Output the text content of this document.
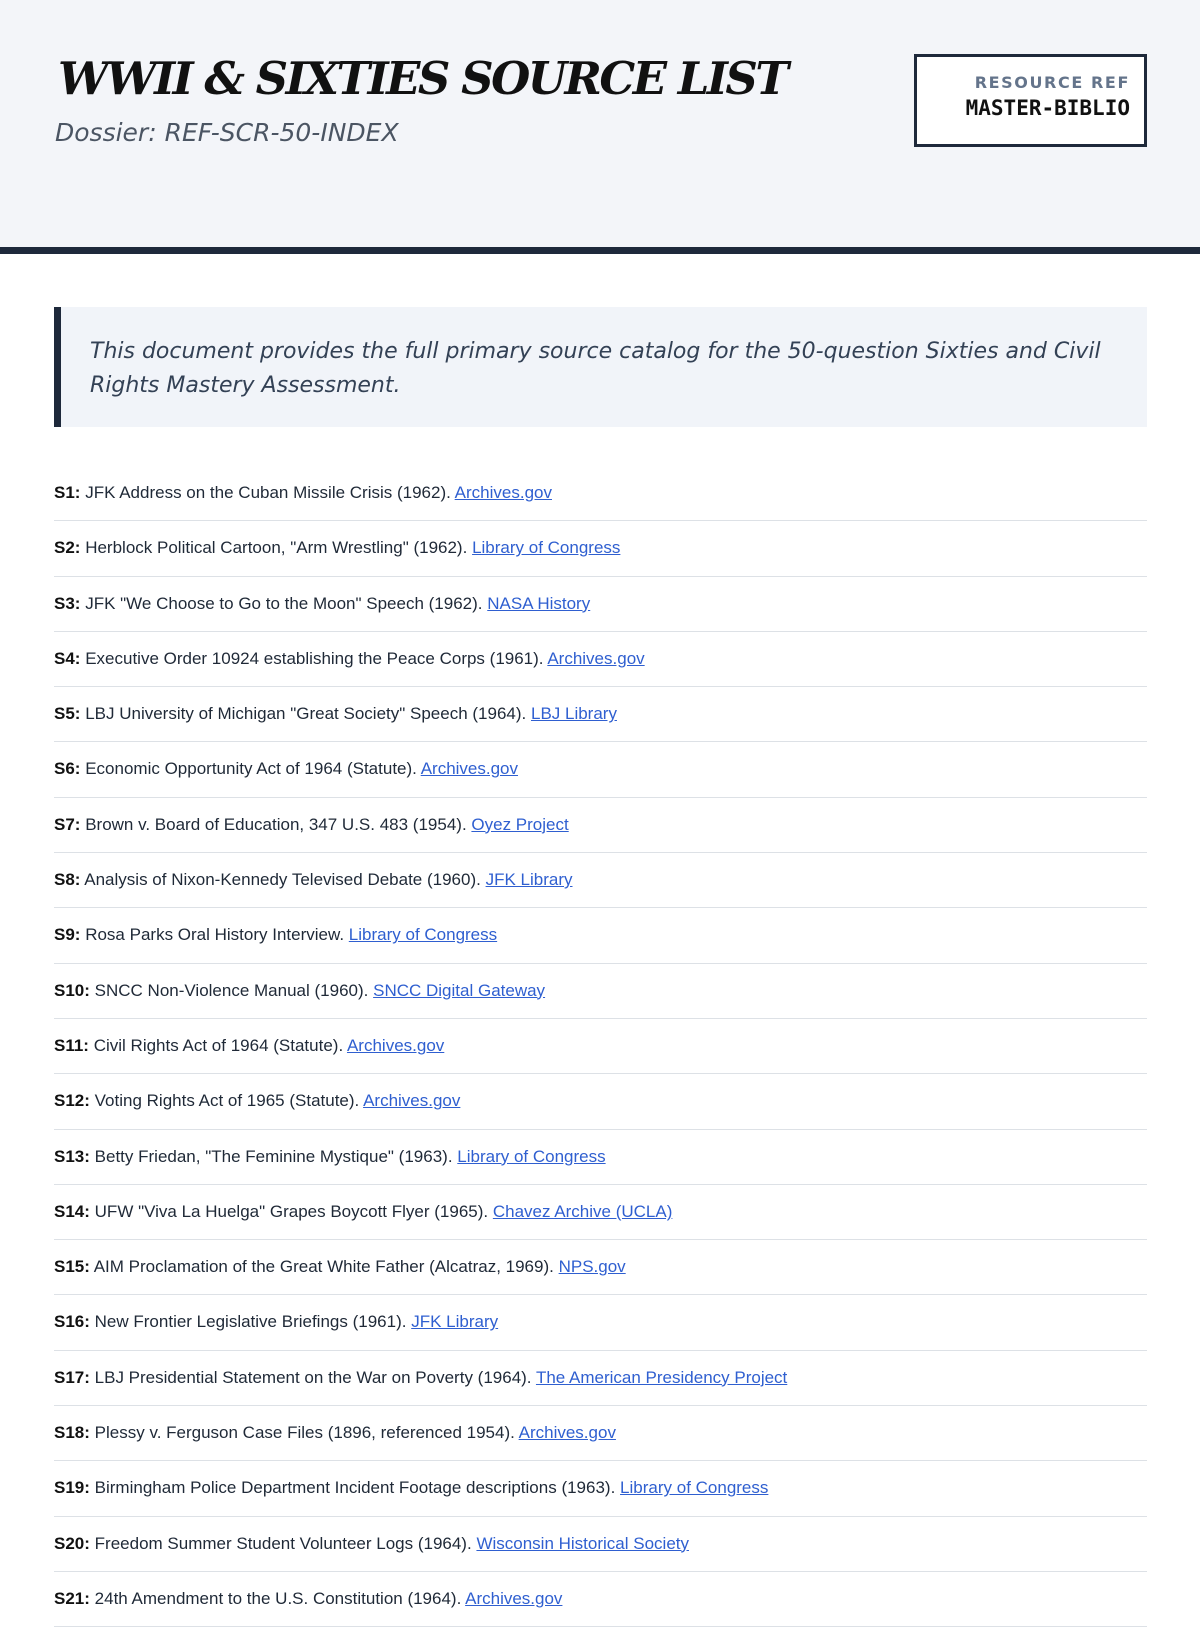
WWII & SIXTIES SOURCE LIST
Dossier: REF-SCR-50-INDEX
RESOURCE REF
MASTER-BIBLIO
This document provides the full primary source catalog for the 50-question Sixties and Civil Rights Mastery Assessment.
S1: JFK Address on the Cuban Missile Crisis (1962). Archives.gov
S2: Herblock Political Cartoon, "Arm Wrestling" (1962). Library of Congress
S3: JFK "We Choose to Go to the Moon" Speech (1962). NASA History
S4: Executive Order 10924 establishing the Peace Corps (1961). Archives.gov
S5: LBJ University of Michigan "Great Society" Speech (1964). LBJ Library
S6: Economic Opportunity Act of 1964 (Statute). Archives.gov
S7: Brown v. Board of Education, 347 U.S. 483 (1954). Oyez Project
S8: Analysis of Nixon-Kennedy Televised Debate (1960). JFK Library
S9: Rosa Parks Oral History Interview. Library of Congress
S10: SNCC Non-Violence Manual (1960). SNCC Digital Gateway
S11: Civil Rights Act of 1964 (Statute). Archives.gov
S12: Voting Rights Act of 1965 (Statute). Archives.gov
S13: Betty Friedan, "The Feminine Mystique" (1963). Library of Congress
S14: UFW "Viva La Huelga" Grapes Boycott Flyer (1965). Chavez Archive (UCLA)
S15: AIM Proclamation of the Great White Father (Alcatraz, 1969). NPS.gov
S16: New Frontier Legislative Briefings (1961). JFK Library
S17: LBJ Presidential Statement on the War on Poverty (1964). The American Presidency Project
S18: Plessy v. Ferguson Case Files (1896, referenced 1954). Archives.gov
S19: Birmingham Police Department Incident Footage descriptions (1963). Library of Congress
S20: Freedom Summer Student Volunteer Logs (1964). Wisconsin Historical Society
S21: 24th Amendment to the U.S. Constitution (1964). Archives.gov
